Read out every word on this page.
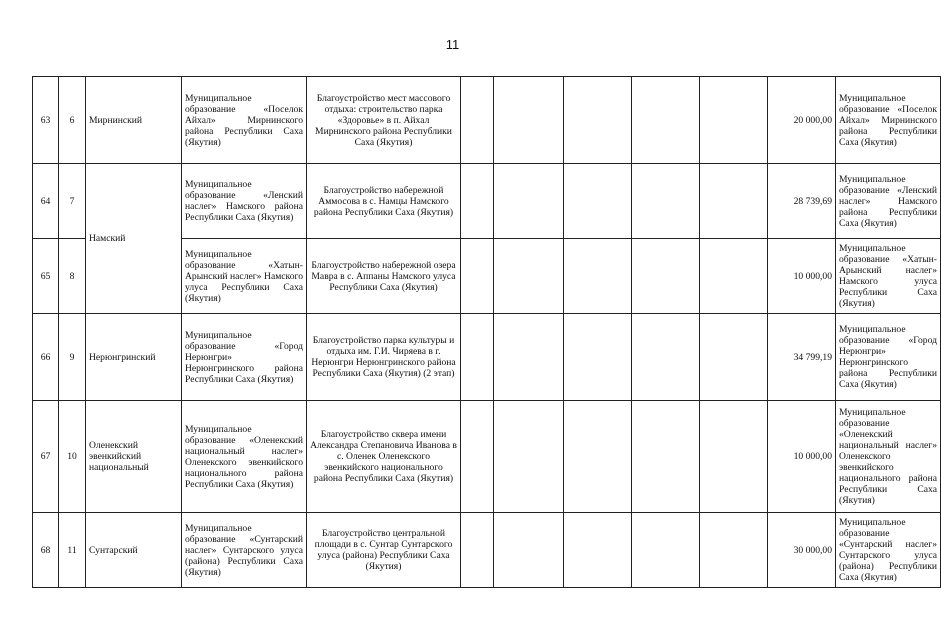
11
63	6	Мирнинский	Муниципальное образование «Поселок Айхал» Мирнинского района Республики Саха (Якутия)	Благоустройство мест массового отдыха: строительство парка «Здоровье» в п. Айхал Мирнинского района Республики Саха (Якутия)						20 000,00	Муниципальное образование «Поселок Айхал» Мирнинского района Республики Саха (Якутия)

64	7	Намский	Муниципальное образование «Ленский наслег» Намского района Республики Саха (Якутия)	Благоустройство набережной Аммосова в с. Намцы Намского района Республики Саха (Якутия)						28 739,69	Муниципальное образование «Ленский наслег» Намского района Республики Саха (Якутия)

65	8		Муниципальное образование «Хатын-Арынский наслег» Намского улуса Республики Саха (Якутия)	Благоустройство набережной озера Мавра в с. Аппаны Намского улуса Республики Саха (Якутия)						10 000,00	Муниципальное образование «Хатын-Арынский наслег» Намского улуса Республики Саха (Якутия)

66	9	Нерюнгринский	Муниципальное образование «Город Нерюнгри» Нерюнгринского района Республики Саха (Якутия)	Благоустройство парка культуры и отдыха им. Г.И. Чиряева в г. Нерюнгри Нерюнгринского района Республики Саха (Якутия) (2 этап)						34 799,19	Муниципальное образование «Город Нерюнгри» Нерюнгринского района Республики Саха (Якутия)

67	10	Оленекский эвенкийский национальный	Муниципальное образование «Оленекский национальный наслег» Оленекского эвенкийского национального района Республики Саха (Якутия)	Благоустройство сквера имени Александра Степановича Иванова в с. Оленек Оленекского эвенкийского национального района Республики Саха (Якутия)						10 000,00	Муниципальное образование «Оленекский национальный наслег» Оленекского эвенкийского национального района Республики Саха (Якутия)

68	11	Сунтарский	Муниципальное образование «Сунтарский наслег» Сунтарского улуса (района) Республики Саха (Якутия)	Благоустройство центральной площади в с. Сунтар Сунтарского улуса (района) Республики Саха (Якутия)						30 000,00	Муниципальное образование «Сунтарский наслег» Сунтарского улуса (района) Республики Саха (Якутия)
